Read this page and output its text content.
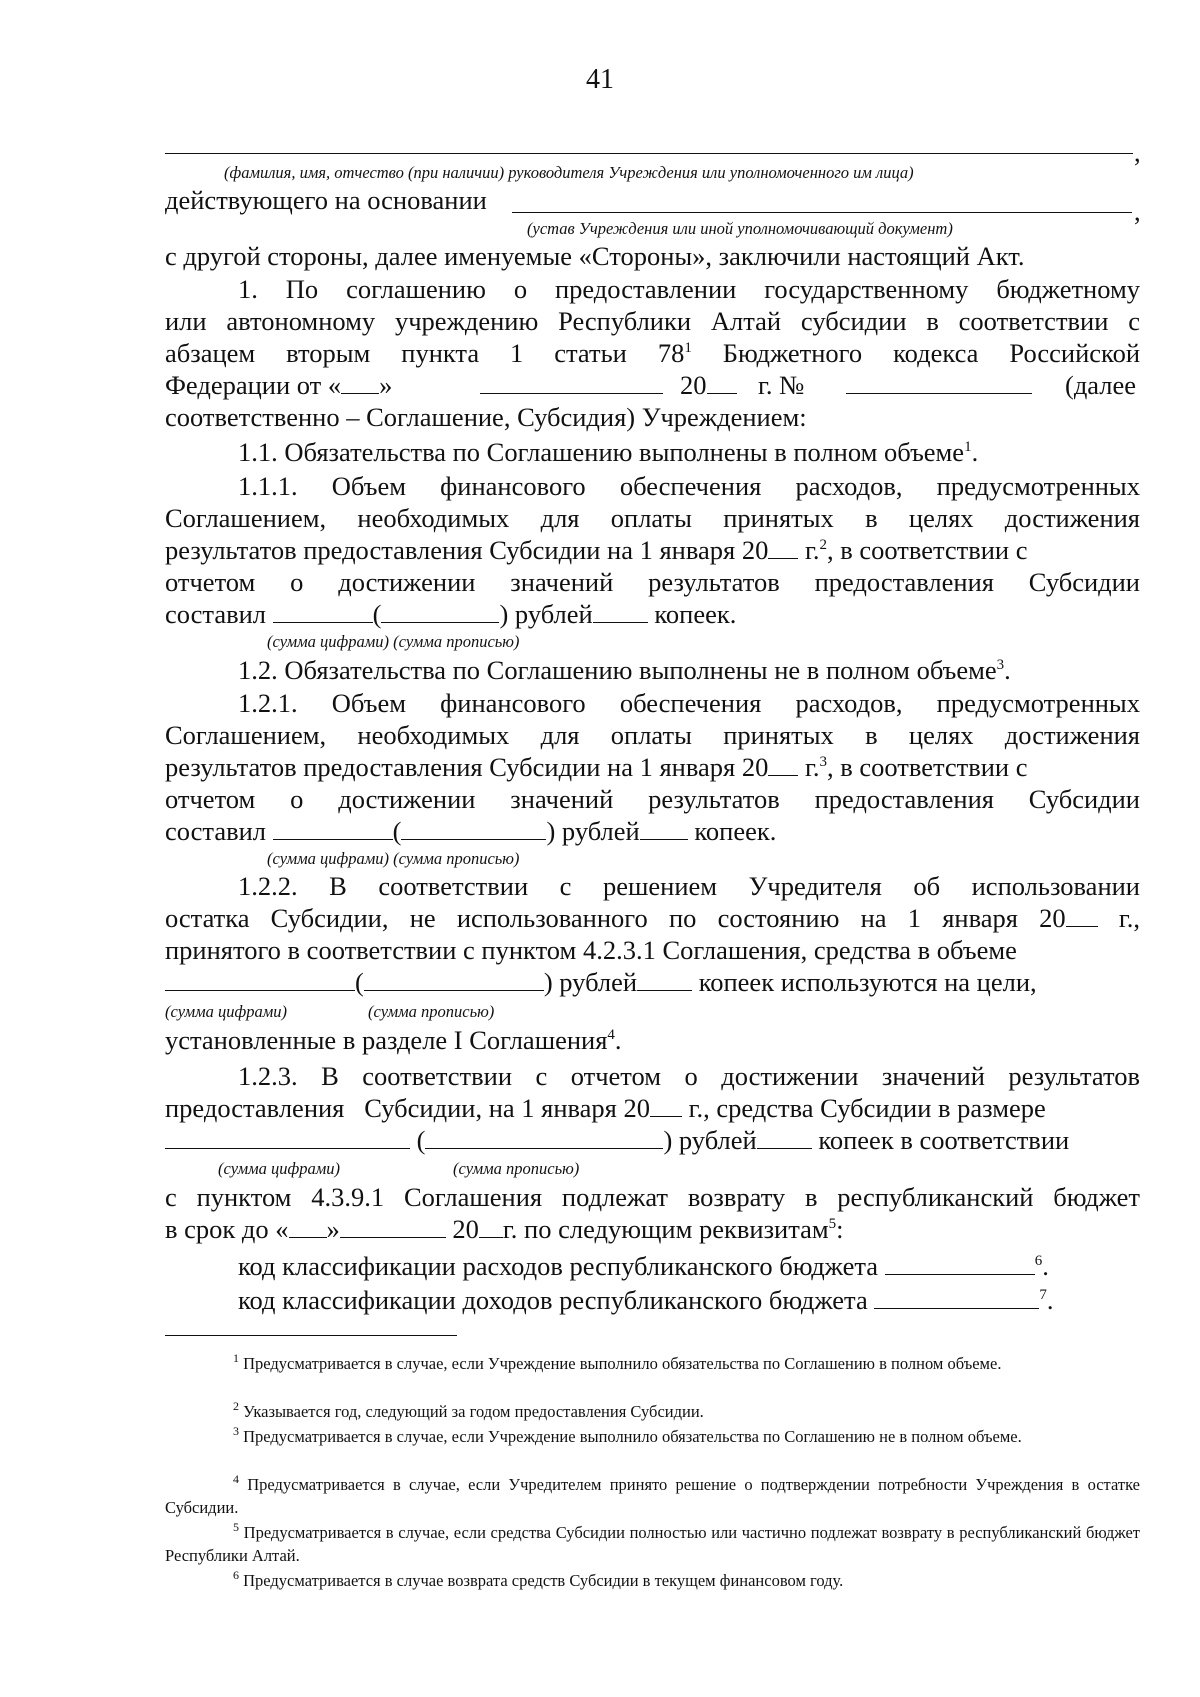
41
,
(фамилия, имя, отчество (при наличии) руководителя Учреждения или уполномоченного им лица)
действующего на основании	,
(устав Учреждения или иной уполномочивающий документ)
с другой стороны, далее именуемые «Стороны», заключили настоящий Акт.
1. По соглашению о предоставлении государственному бюджетному
или автономному учреждению Республики Алтай субсидии в соответствии с
абзацем вторым пункта 1 статьи $78^1$ Бюджетного кодекса Российской
Федерации от « »	20	г. №	(далее
соответственно – Соглашение, Субсидия) Учреждением:
1.1. Обязательства по Соглашению выполнены в полном объеме$^1$.
1.1.1. Объем финансового обеспечения расходов, предусмотренных
Соглашением, необходимых для оплаты принятых в целях достижения
результатов предоставления Субсидии на 1 января 20 г.$^2$, в соответствии с
отчетом о достижении значений результатов предоставления Субсидии
составил	(	) рублей копеек.
(сумма цифрами) (сумма прописью)
1.2. Обязательства по Соглашению выполнены не в полном объеме$^3$.
1.2.1. Объем финансового обеспечения расходов, предусмотренных
Соглашением, необходимых для оплаты принятых в целях достижения
результатов предоставления Субсидии на 1 января 20 г.$^3$, в соответствии с
отчетом о достижении значений результатов предоставления Субсидии
составил	(	) рублей копеек.
(сумма цифрами) (сумма прописью)
1.2.2. В соответствии с решением Учредителя об использовании
остатка Субсидии, не использованного по состоянию на 1 января 20 г.,
принятого в соответствии с пунктом 4.2.3.1 Соглашения, средства в объеме
(	) рублей копеек используются на цели,
(сумма цифрами)	(сумма прописью)
установленные в разделе I Соглашения$^4$.
1.2.3. В соответствии с отчетом о достижении значений результатов
предоставления Субсидии, на 1 января 20 г., средства Субсидии в размере
(	) рублей копеек в соответствии
(сумма цифрами)	(сумма прописью)
с пунктом 4.3.9.1 Соглашения подлежат возврату в республиканский бюджет
в срок до « »	20 г. по следующим реквизитам$^5$:
код классификации расходов республиканского бюджета	$^6$.
код классификации доходов республиканского бюджета	$^7$.
$^1$ Предусматривается в случае, если Учреждение выполнило обязательства по Соглашению в полном объеме.
$^2$ Указывается год, следующий за годом предоставления Субсидии.
$^3$ Предусматривается в случае, если Учреждение выполнило обязательства по Соглашению не в полном объеме.
$^4$ Предусматривается в случае, если Учредителем принято решение о подтверждении потребности Учреждения в остатке Субсидии.
$^5$ Предусматривается в случае, если средства Субсидии полностью или частично подлежат возврату в республиканский бюджет Республики Алтай.
$^6$ Предусматривается в случае возврата средств Субсидии в текущем финансовом году.
